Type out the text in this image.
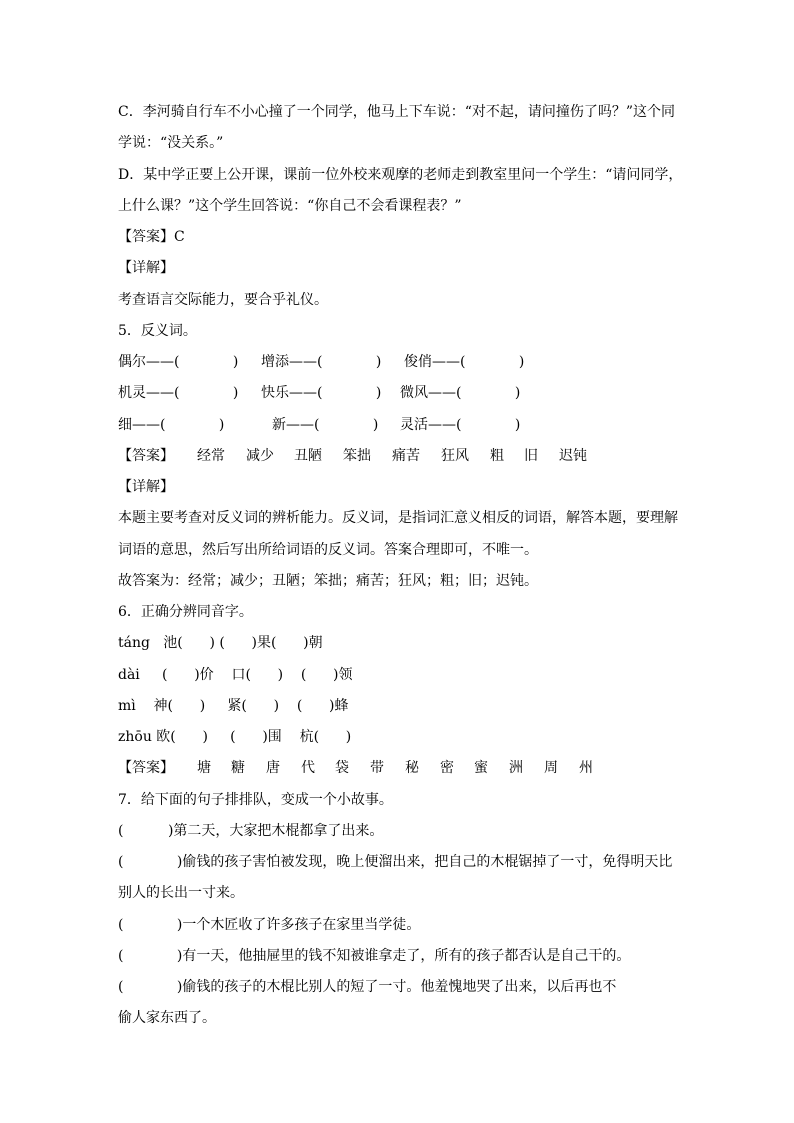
C．李河骑自行车不小心撞了一个同学，他马上下车说：“对不起，请问撞伤了吗？”这个同
学说：“没关系。”
D．某中学正要上公开课，课前一位外校来观摩的老师走到教室里问一个学生：“请问同学，
上什么课？”这个学生回答说：“你自己不会看课程表？”
【答案】C
【详解】
考查语言交际能力，要合乎礼仪。
5．反义词。
偶尔——(            ) 增添——(            ) 俊俏——(            )
机灵——(            ) 快乐——(            ) 微风——(            )
细——(            )	新——(            ) 灵活——(            )
【答案】 经常 减少 丑陋 笨拙 痛苦 狂风 粗 旧 迟钝
【详解】
本题主要考查对反义词的辨析能力。反义词，是指词汇意义相反的词语，解答本题，要理解
词语的意思，然后写出所给词语的反义词。答案合理即可，不唯一。
故答案为：经常；减少；丑陋；笨拙；痛苦；狂风；粗；旧；迟钝。
6．正确分辨同音字。
táng   池(      ) (      )果(      )朝
dài     (      )价    口(      )    (      )领
mì    神(      )     紧(      )    (      )蜂
zhōu 欧(      )     (      )围    杭(      )
【答案】 塘 糖 唐 代 袋 带 秘 密 蜜 洲 周 州
7．给下面的句子排排队，变成一个小故事。
(          )第二天，大家把木棍都拿了出来。
(            )偷钱的孩子害怕被发现，晚上便溜出来，把自己的木棍锯掉了一寸，免得明天比
别人的长出一寸来。
(            )一个木匠收了许多孩子在家里当学徒。
(            )有一天，他抽屉里的钱不知被谁拿走了，所有的孩子都否认是自己干的。
(            )偷钱的孩子的木棍比别人的短了一寸。他羞愧地哭了出来，以后再也不
偷人家东西了。
